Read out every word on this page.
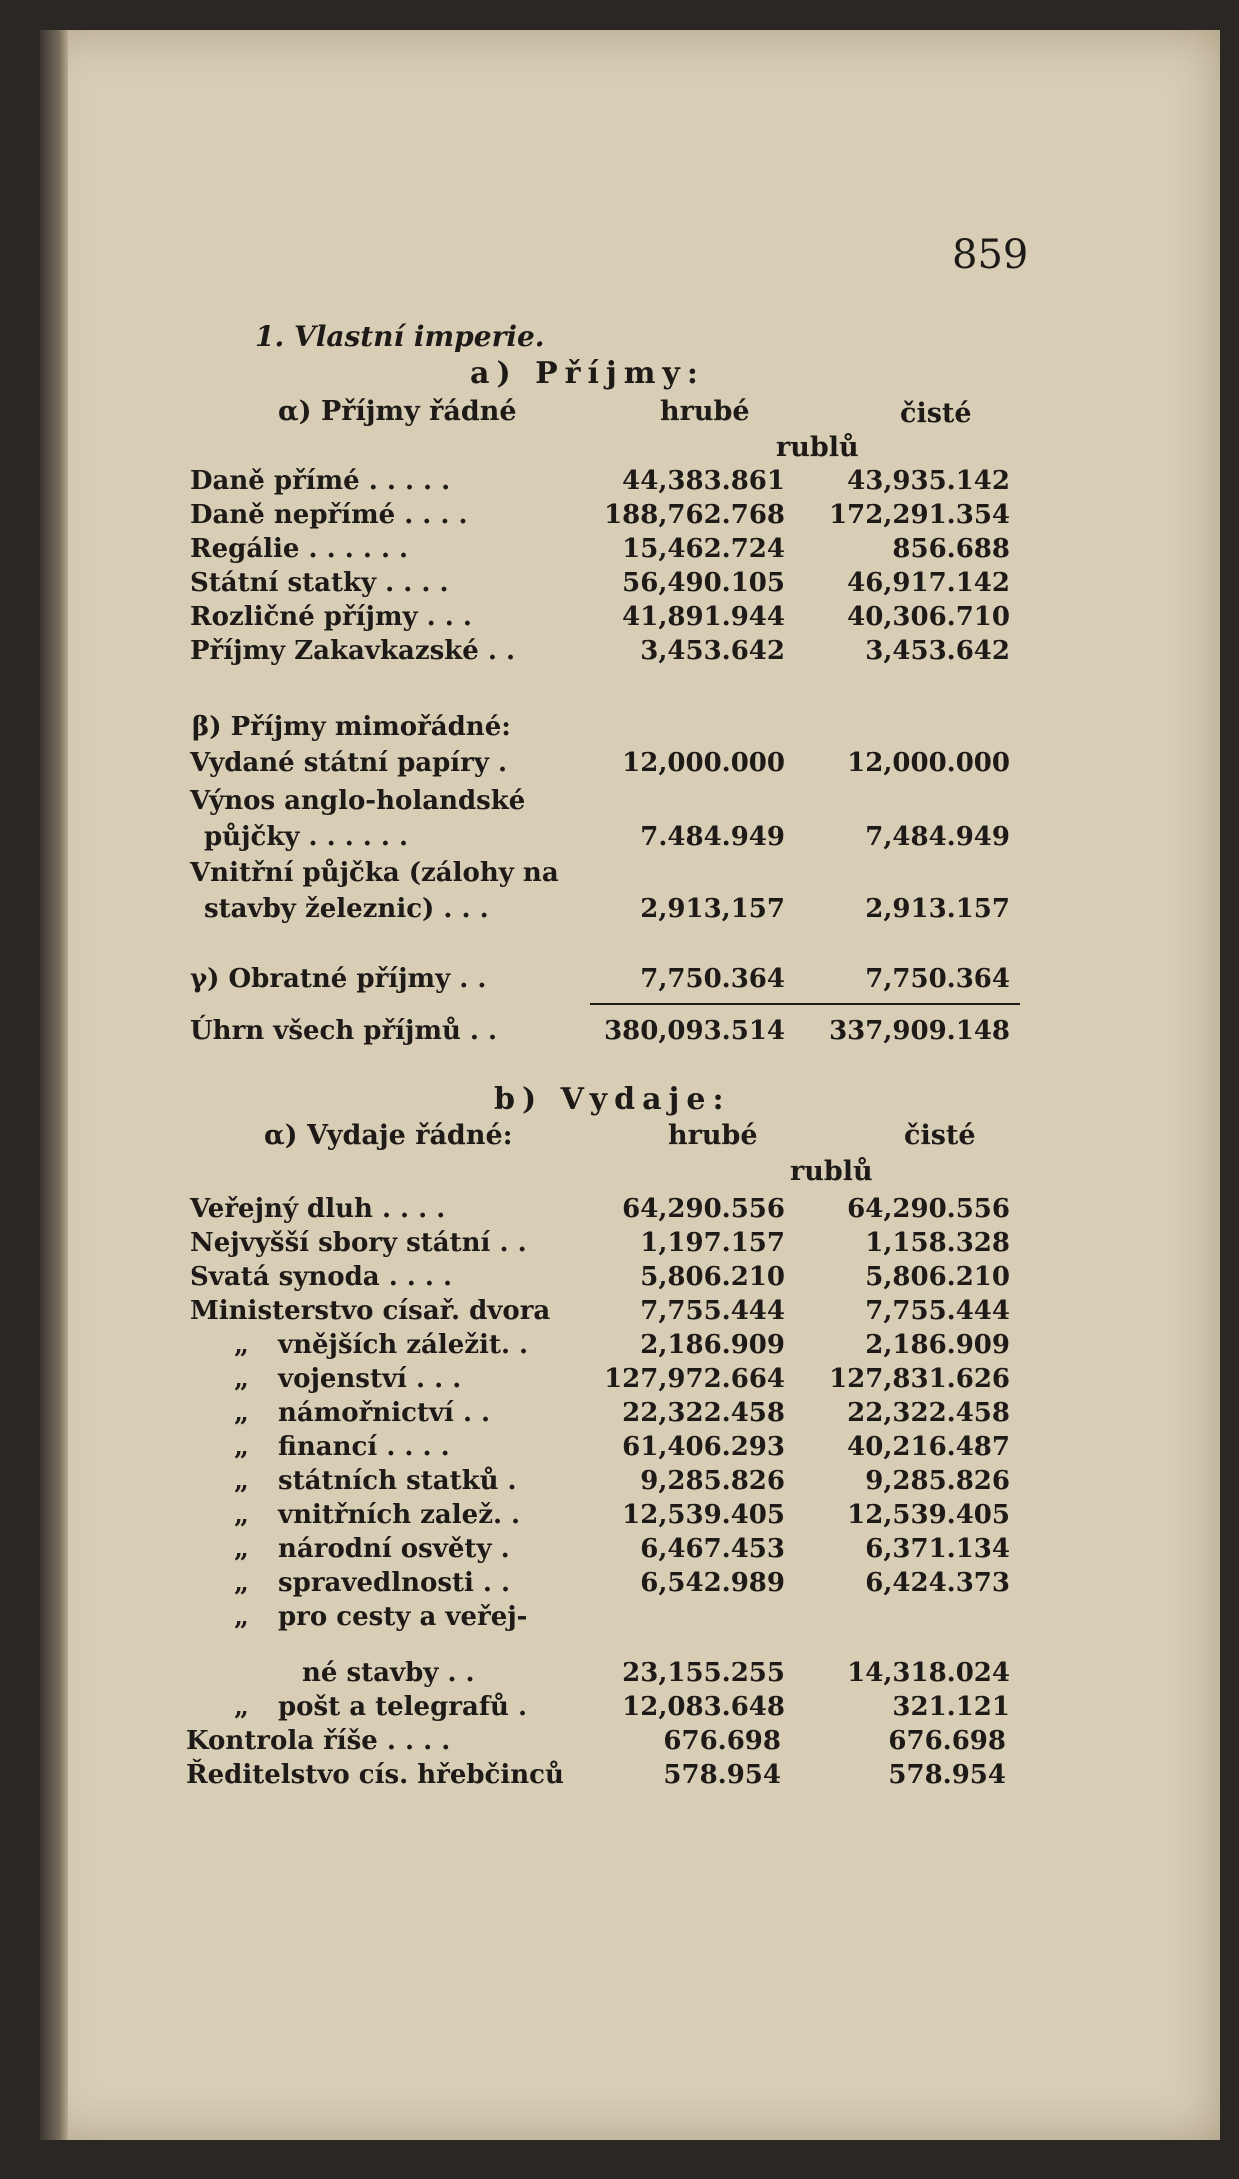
859
1. Vlastní imperie.
a) Příjmy:
α) Příjmy řádné	hrubé	čisté
rublů
Daně přímé . . . . .	44,383.861 43,935.142
Daně nepřímé . . . .	188,762.768 172,291.354
Regálie . . . . . .	15,462.724	856.688
Státní statky . . . .	56,490.105 46,917.142
Rozličné příjmy . . .	41,891.944 40,306.710
Příjmy Zakavkazské . .	3,453.642	3,453.642
β) Příjmy mimořádné:
Vydané státní papíry .	12,000.000 12,000.000
Výnos anglo-holandské
půjčky . . . . . .	7.484.949	7,484.949
Vnitřní půjčka (zálohy na
stavby železnic) . . .	2,913,157	2,913.157
γ) Obratné příjmy . .	7,750.364	7,750.364
Úhrn všech příjmů . .	380,093.514 337,909.148
b) Vydaje:
α) Vydaje řádné:	hrubé	čisté
rublů
Veřejný dluh . . . .	64,290.556 64,290.556
Nejvyšší sbory státní . .	1,197.157	1,158.328
Svatá synoda . . . .	5,806.210	5,806.210
Ministerstvo císař. dvora	7,755.444	7,755.444
„ vnějších záležit. .	2,186.909	2,186.909
„ vojenství . . .	127,972.664 127,831.626
„ námořnictví . .	22,322.458 22,322.458
„ financí . . . .	61,406.293 40,216.487
„ státních statků .	9,285.826	9,285.826
„ vnitřních zalež. .	12,539.405 12,539.405
„ národní osvěty .	6,467.453	6,371.134
„ spravedlnosti . .	6,542.989	6,424.373
„ pro cesty a veřej-
né stavby . .	23,155.255 14,318.024
„ pošt a telegrafů .	12,083.648	321.121
Kontrola říše . . . .	676.698	676.698
Ředitelstvo cís. hřebčinců	578.954	578.954
